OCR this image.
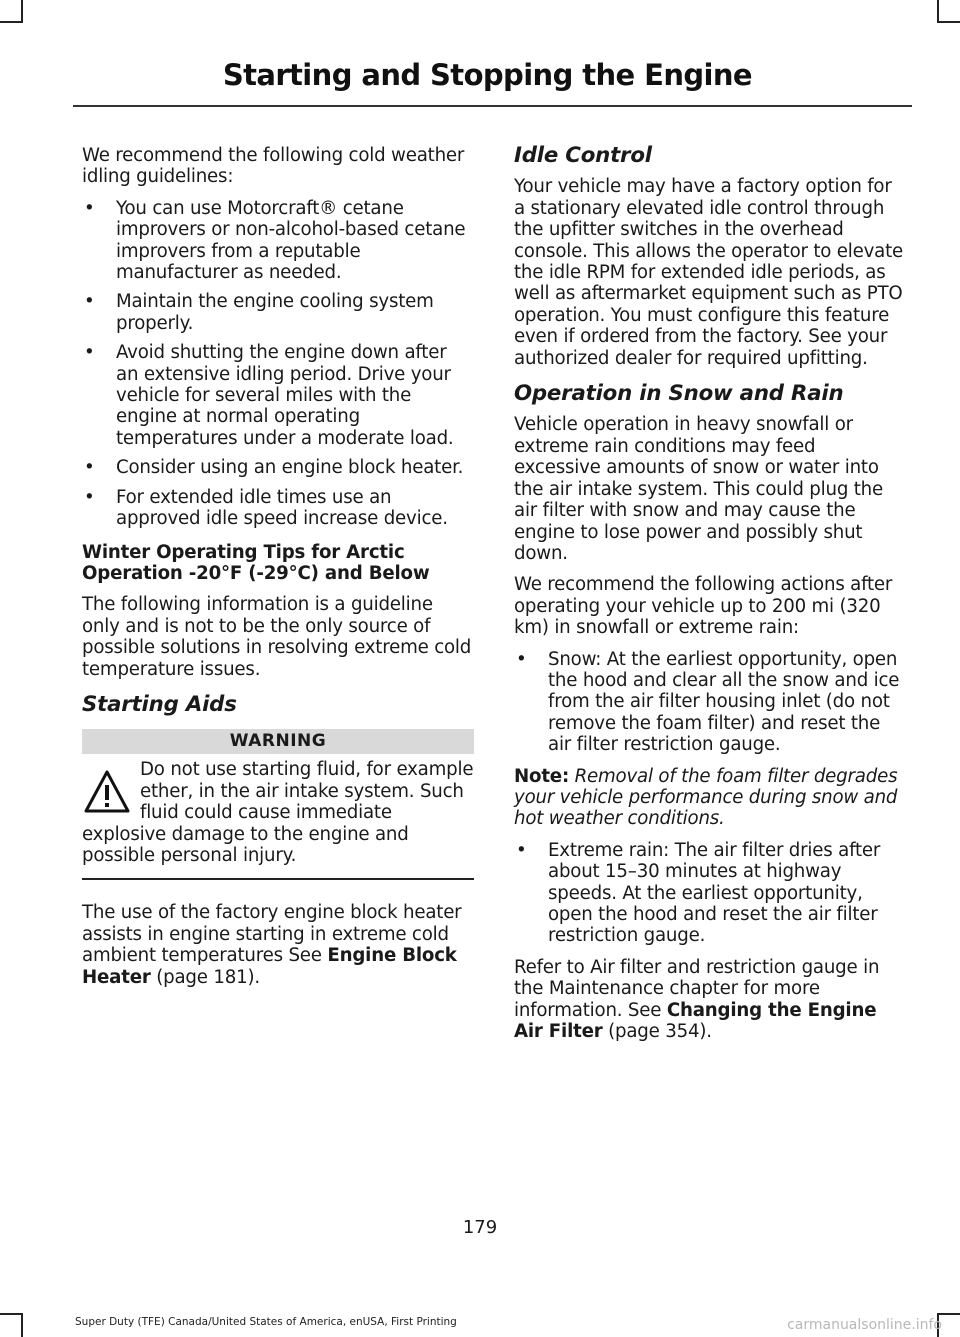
Starting and Stopping the Engine

We recommend the following cold weather idling guidelines:

• You can use Motorcraft® cetane improvers or non-alcohol-based cetane improvers from a reputable manufacturer as needed.
• Maintain the engine cooling system properly.
• Avoid shutting the engine down after an extensive idling period. Drive your vehicle for several miles with the engine at normal operating temperatures under a moderate load.
• Consider using an engine block heater.
• For extended idle times use an approved idle speed increase device.
Winter Operating Tips for Arctic Operation -20°F (-29°C) and Below

The following information is a guideline only and is not to be the only source of possible solutions in resolving extreme cold temperature issues.

Starting Aids
WARNING
Do not use starting fluid, for example ether, in the air intake system. Such fluid could cause immediate explosive damage to the engine and possible personal injury.

The use of the factory engine block heater assists in engine starting in extreme cold ambient temperatures See Engine Block Heater (page 181).

Idle Control

Your vehicle may have a factory option for a stationary elevated idle control through the upfitter switches in the overhead console. This allows the operator to elevate the idle RPM for extended idle periods, as well as aftermarket equipment such as PTO operation. You must configure this feature even if ordered from the factory. See your authorized dealer for required upfitting.

Operation in Snow and Rain

Vehicle operation in heavy snowfall or extreme rain conditions may feed excessive amounts of snow or water into the air intake system. This could plug the air filter with snow and may cause the engine to lose power and possibly shut down.

We recommend the following actions after operating your vehicle up to 200 mi (320 km) in snowfall or extreme rain:

• Snow: At the earliest opportunity, open the hood and clear all the snow and ice from the air filter housing inlet (do not remove the foam filter) and reset the air filter restriction gauge.

Note: Removal of the foam filter degrades your vehicle performance during snow and hot weather conditions.

• Extreme rain: The air filter dries after about 15–30 minutes at highway speeds. At the earliest opportunity, open the hood and reset the air filter restriction gauge.

Refer to Air filter and restriction gauge in the Maintenance chapter for more information. See Changing the Engine Air Filter (page 354).

179
Super Duty (TFE) Canada/United States of America, enUSA, First Printing	carmanualsonline.info
